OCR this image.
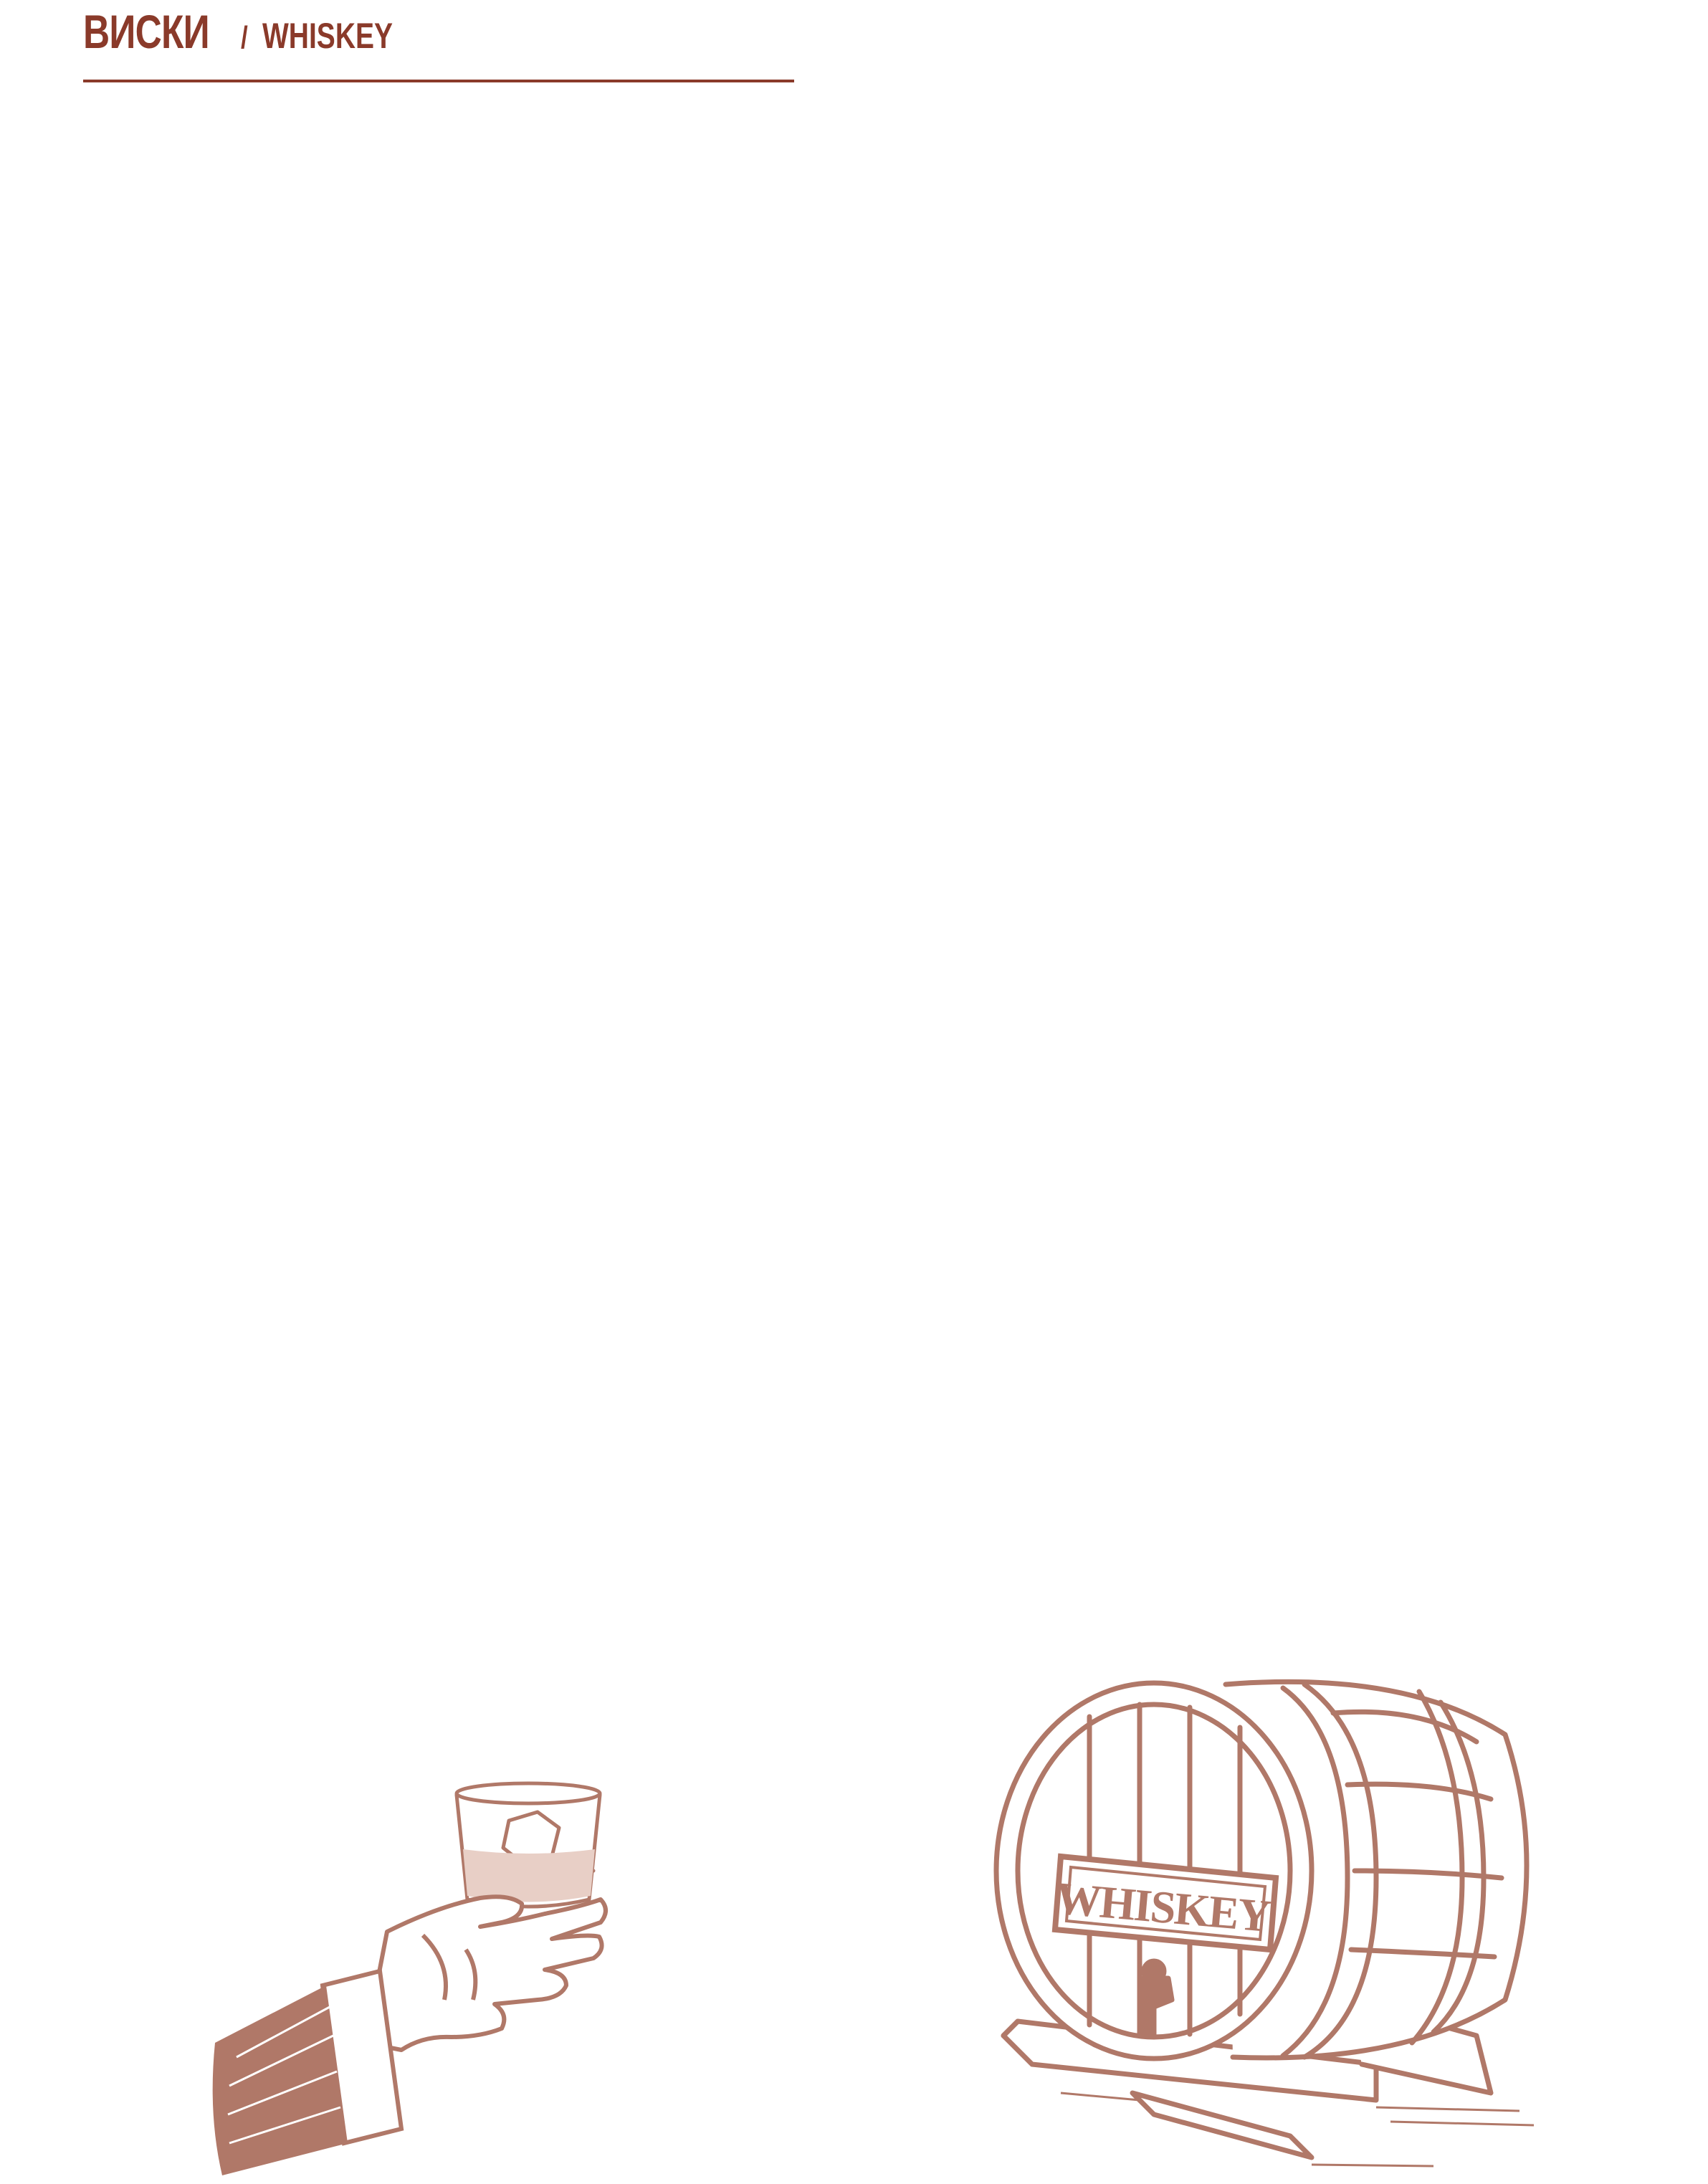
ВИСКИ / WHISKEY
WHISKEY
